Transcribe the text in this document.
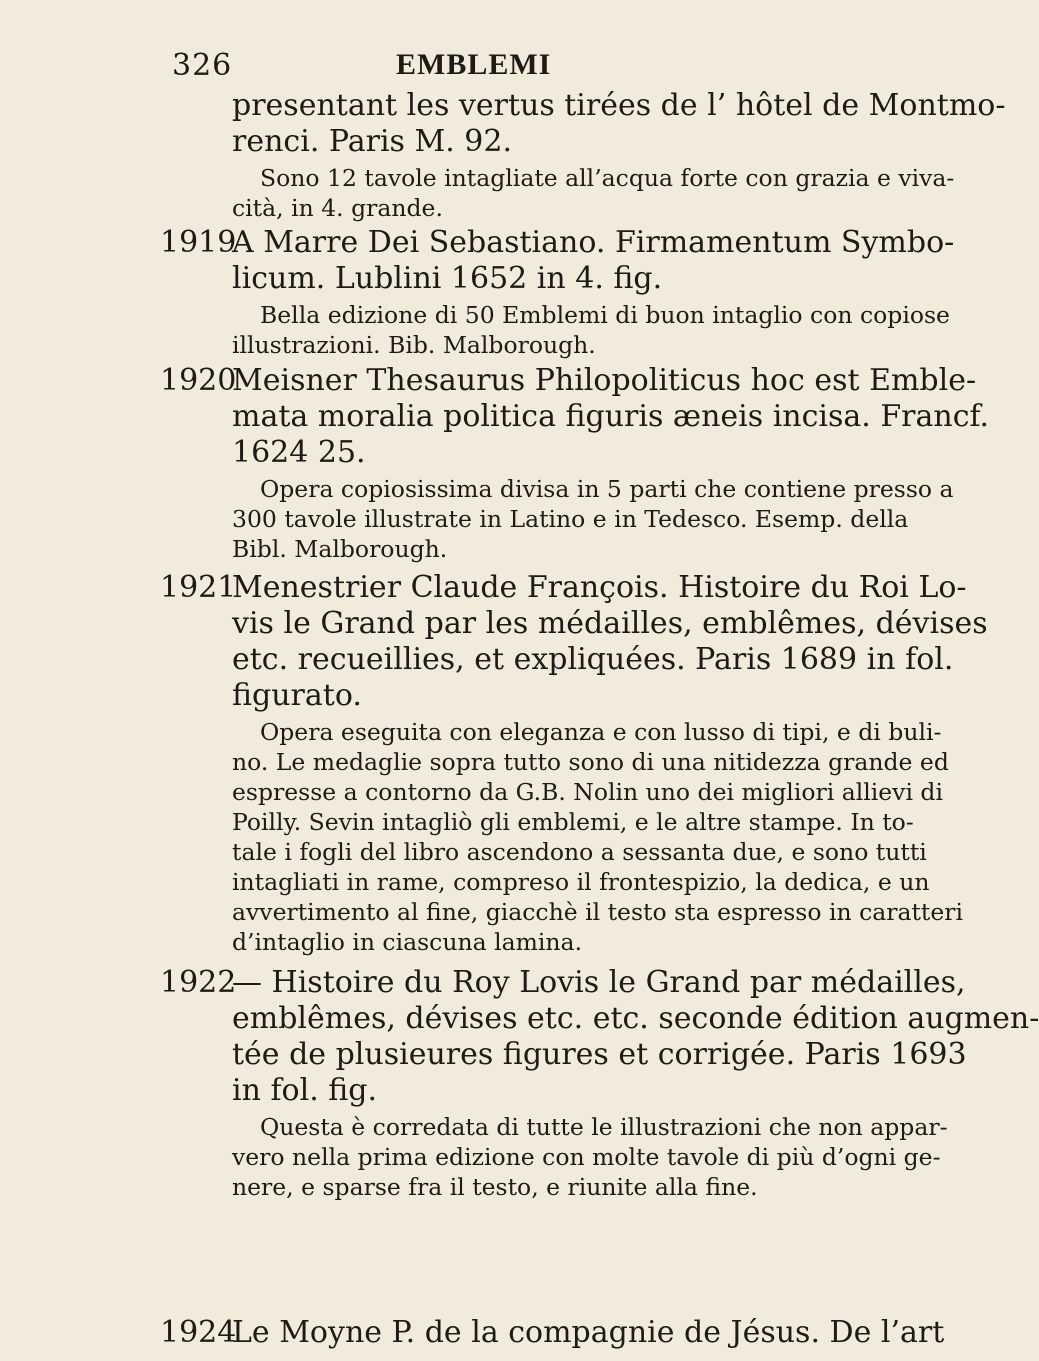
326	EMBLEMI
presentant les vertus tirées de l’ hôtel de Montmo-
renci. Paris M. 92.
Sono 12 tavole intagliate all’acqua forte con grazia e viva-
cità, in 4. grande.
1919
A Marre Dei Sebastiano. Firmamentum Symbo-
licum. Lublini 1652 in 4. fig.
Bella edizione di 50 Emblemi di buon intaglio con copiose
illustrazioni. Bib. Malborough.
1920
Meisner Thesaurus Philopoliticus hoc est Emble-
mata moralia politica figuris æneis incisa. Francf.
1624 25.
Opera copiosissima divisa in 5 parti che contiene presso a
300 tavole illustrate in Latino e in Tedesco. Esemp. della
Bibl. Malborough.
1921
Menestrier Claude François. Histoire du Roi Lo-
vis le Grand par les médailles, emblêmes, dévises
etc. recueillies, et expliquées. Paris 1689 in fol.
figurato.
Opera eseguita con eleganza e con lusso di tipi, e di buli-
no. Le medaglie sopra tutto sono di una nitidezza grande ed
espresse a contorno da G.B. Nolin uno dei migliori allievi di
Poilly. Sevin intagliò gli emblemi, e le altre stampe. In to-
tale i fogli del libro ascendono a sessanta due, e sono tutti
intagliati in rame, compreso il frontespizio, la dedica, e un
avvertimento al fine, giacchè il testo sta espresso in caratteri
d’intaglio in ciascuna lamina.
1922
— Histoire du Roy Lovis le Grand par médailles,
emblêmes, dévises etc. etc. seconde édition augmen-
tée de plusieures figures et corrigée. Paris 1693
in fol. fig.
Questa è corredata di tutte le illustrazioni che non appar-
vero nella prima edizione con molte tavole di più d’ogni ge-
nere, e sparse fra il testo, e riunite alla fine.
1924
Le Moyne P. de la compagnie de Jésus. De l’art
